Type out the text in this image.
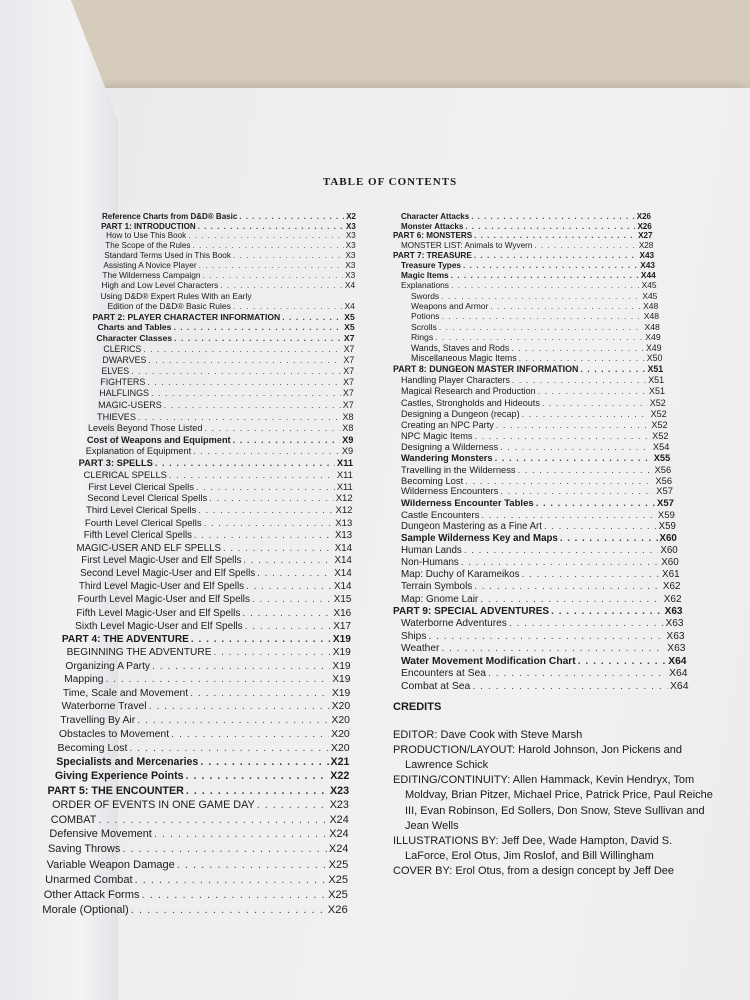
TABLE OF CONTENTS
Reference Charts from D&D® Basic . . .	X2
PART 1: INTRODUCTION . . .	X3
How to Use This Book . . .	X3
The Scope of the Rules . . .	X3
Standard Terms Used in This Book . . .	X3
Assisting A Novice Player . . .	X3
The Wilderness Campaign . . .	X3
High and Low Level Characters . . .	X4
Using D&D® Expert Rules With an Early
Edition of the D&D® Basic Rules . . .	X4
PART 2: PLAYER CHARACTER INFORMATION . . .	X5
Charts and Tables . . .	X5
Character Classes . . .	X7
CLERICS . . .	X7
DWARVES . . .	X7
ELVES . . .	X7
FIGHTERS . . .	X7
HALFLINGS . . .	X7
MAGIC-USERS . . .	X7
THIEVES . . .	X8
Levels Beyond Those Listed . . .	X8
Cost of Weapons and Equipment . . .	X9
Explanation of Equipment . . .	X9
PART 3: SPELLS . . .	X11
CLERICAL SPELLS . . .	X11
First Level Clerical Spells . . .	X11
Second Level Clerical Spells . . .	X12
Third Level Clerical Spells . . .	X12
Fourth Level Clerical Spells . . .	X13
Fifth Level Clerical Spells . . .	X13
MAGIC-USER AND ELF SPELLS . . .	X14
First Level Magic-User and Elf Spells . . .	X14
Second Level Magic-User and Elf Spells . . .	X14
Third Level Magic-User and Elf Spells . . .	X14
Fourth Level Magic-User and Elf Spells . . .	X15
Fifth Level Magic-User and Elf Spells . . .	X16
Sixth Level Magic-User and Elf Spells . . .	X17
PART 4: THE ADVENTURE . . .	X19
BEGINNING THE ADVENTURE . . .	X19
Organizing A Party . . .	X19
Mapping . . .	X19
Time, Scale and Movement . . .	X19
Waterborne Travel . . .	X20
Travelling By Air . . .	X20
Obstacles to Movement . . .	X20
Becoming Lost . . .	X20
Specialists and Mercenaries . . .	X21
Giving Experience Points . . .	X22
PART 5: THE ENCOUNTER . . .	X23
ORDER OF EVENTS IN ONE GAME DAY . . .	X23
COMBAT . . .	X24
Defensive Movement . . .	X24
Saving Throws . . .	X24
Variable Weapon Damage . . .	X25
Unarmed Combat . . .	X25
Other Attack Forms . . .	X25
Morale (Optional) . . .	X26
Character Attacks . . .	X26
Monster Attacks . . .	X26
PART 6: MONSTERS . . .	X27
MONSTER LIST: Animals to Wyvern . . .	X28
PART 7: TREASURE . . .	X43
Treasure Types . . .	X43
Magic Items . . .	X44
Explanations . . .	X45
Swords . . .	X45
Weapons and Armor . . .	X48
Potions . . .	X48
Scrolls . . .	X48
Rings . . .	X49
Wands, Staves and Rods . . .	X49
Miscellaneous Magic Items . . .	X50
PART 8: DUNGEON MASTER INFORMATION . . .	X51
Handling Player Characters . . .	X51
Magical Research and Production . . .	X51
Castles, Strongholds and Hideouts . . .	X52
Designing a Dungeon (recap) . . .	X52
Creating an NPC Party . . .	X52
NPC Magic Items . . .	X52
Designing a Wilderness . . .	X54
Wandering Monsters . . .	X55
Travelling in the Wilderness . . .	X56
Becoming Lost . . .	X56
Wilderness Encounters . . .	X57
Wilderness Encounter Tables . . .	X57
Castle Encounters . . .	X59
Dungeon Mastering as a Fine Art . . .	X59
Sample Wilderness Key and Maps . . .	X60
Human Lands . . .	X60
Non-Humans . . .	X60
Map: Duchy of Karameikos . . .	X61
Terrain Symbols . . .	X62
Map: Gnome Lair . . .	X62
PART 9: SPECIAL ADVENTURES . . .	X63
Waterborne Adventures . . .	X63
Ships . . .	X63
Weather . . .	X63
Water Movement Modification Chart . . .	X64
Encounters at Sea . . .	X64
Combat at Sea . . .	X64
CREDITS
EDITOR: Dave Cook with Steve Marsh
PRODUCTION/LAYOUT: Harold Johnson, Jon Pickens and
Lawrence Schick
EDITING/CONTINUITY: Allen Hammack, Kevin Hendryx, Tom
Moldvay, Brian Pitzer, Michael Price, Patrick Price, Paul Reiche
III, Evan Robinson, Ed Sollers, Don Snow, Steve Sullivan and
Jean Wells
ILLUSTRATIONS BY: Jeff Dee, Wade Hampton, David S.
LaForce, Erol Otus, Jim Roslof, and Bill Willingham
COVER BY: Erol Otus, from a design concept by Jeff Dee
